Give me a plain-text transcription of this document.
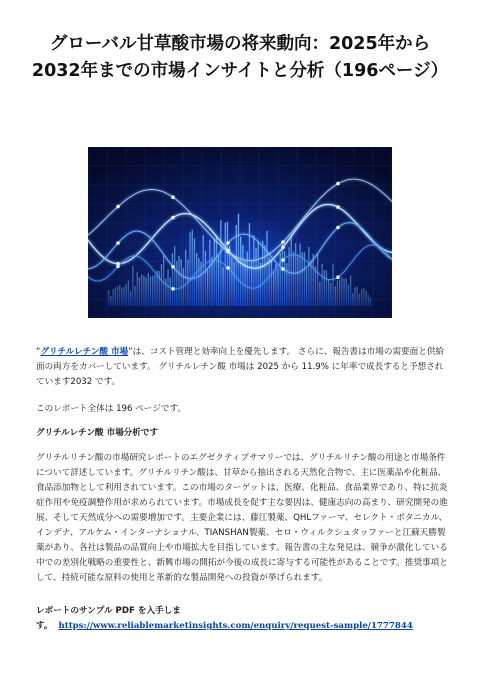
グローバル甘草酸市場の将来動向：2025年から2032年までの市場インサイトと分析（196ページ）

“グリチルレチン酸 市場”は、コスト管理と効率向上を優先します。 さらに、報告書は市場の需要面と供給面の両方をカバーしています。 グリチルレチン酸 市場は 2025 から 11.9% に年率で成長すると予想されています2032 です。

このレポート全体は 196 ページです。

グリチルレチン酸 市場分析です

グリチルリチン酸の市場研究レポートのエグゼクティブサマリーでは、グリチルリチン酸の用途と市場条件について詳述しています。グリチルリチン酸は、甘草から抽出される天然化合物で、主に医薬品や化粧品、食品添加物として利用されています。この市場のターゲットは、医療、化粧品、食品業界であり、特に抗炎症作用や免疫調整作用が求められています。市場成長を促す主な要因は、健康志向の高まり、研究開発の進展、そして天然成分への需要増加です。主要企業には、藤江製薬、QHLファーマ、セレクト・ボタニカル、インデナ、アルケム・インターナショナル、TIANSHAN製薬、セロ・ウィルクシュタッファーと江蘇天勝製薬があり、各社は製品の品質向上や市場拡大を目指しています。報告書の主な発見は、競争が激化している中での差別化戦略の重要性と、新興市場の開拓が今後の成長に寄与する可能性があることです。推奨事項として、持続可能な原料の使用と革新的な製品開発への投資が挙げられます。

レポートのサンプル PDF を入手しま
す。 https://www.reliablemarketinsights.com/enquiry/request-sample/1777844
